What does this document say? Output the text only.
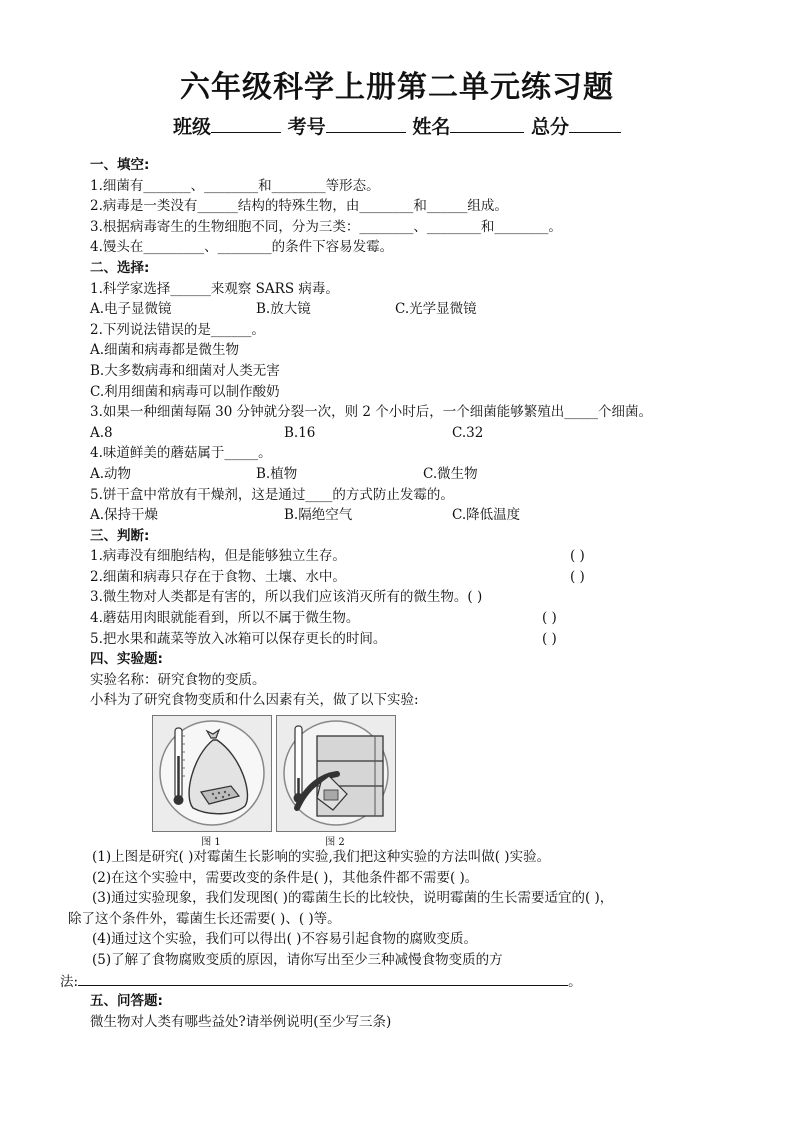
六年级科学上册第二单元练习题
班级	考号	姓名	总分
一、填空:
1.细菌有_______、________和________等形态。
2.病毒是一类没有______结构的特殊生物，由________和______组成。
3.根据病毒寄生的生物细胞不同，分为三类：________、________和________。
4.馒头在_________、________的条件下容易发霉。
二、选择:
1.科学家选择______来观察 SARS 病毒。
A.电子显微镜	B.放大镜	C.光学显微镜
2.下列说法错误的是______。
A.细菌和病毒都是微生物
B.大多数病毒和细菌对人类无害
C.利用细菌和病毒可以制作酸奶
3.如果一种细菌每隔 30 分钟就分裂一次，则 2 个小时后，一个细菌能够繁殖出_____个细菌。
A.8	B.16	C.32
4.味道鲜美的蘑菇属于_____。
A.动物	B.植物	C.微生物
5.饼干盒中常放有干燥剂，这是通过____的方式防止发霉的。
A.保持干燥	B.隔绝空气	C.降低温度
三、判断:
1.病毒没有细胞结构，但是能够独立生存。	( )
2.细菌和病毒只存在于食物、土壤、水中。	( )
3.微生物对人类都是有害的，所以我们应该消灭所有的微生物。( )
4.蘑菇用肉眼就能看到，所以不属于微生物。	( )
5.把水果和蔬菜等放入冰箱可以保存更长的时间。	( )
四、实验题:
实验名称：研究食物的变质。
小科为了研究食物变质和什么因素有关，做了以下实验:
图 1	图 2
(1)上图是研究( )对霉菌生长影响的实验,我们把这种实验的方法叫做( )实验。
(2)在这个实验中，需要改变的条件是( )，其他条件都不需要( )。
(3)通过实验现象，我们发现图( )的霉菌生长的比较快，说明霉菌的生长需要适宜的( )，
除了这个条件外，霉菌生长还需要( )、( )等。
(4)通过这个实验，我们可以得出( )不容易引起食物的腐败变质。
(5)了解了食物腐败变质的原因，请你写出至少三种减慢食物变质的方
法:	。
五、问答题:
微生物对人类有哪些益处?请举例说明(至少写三条)
